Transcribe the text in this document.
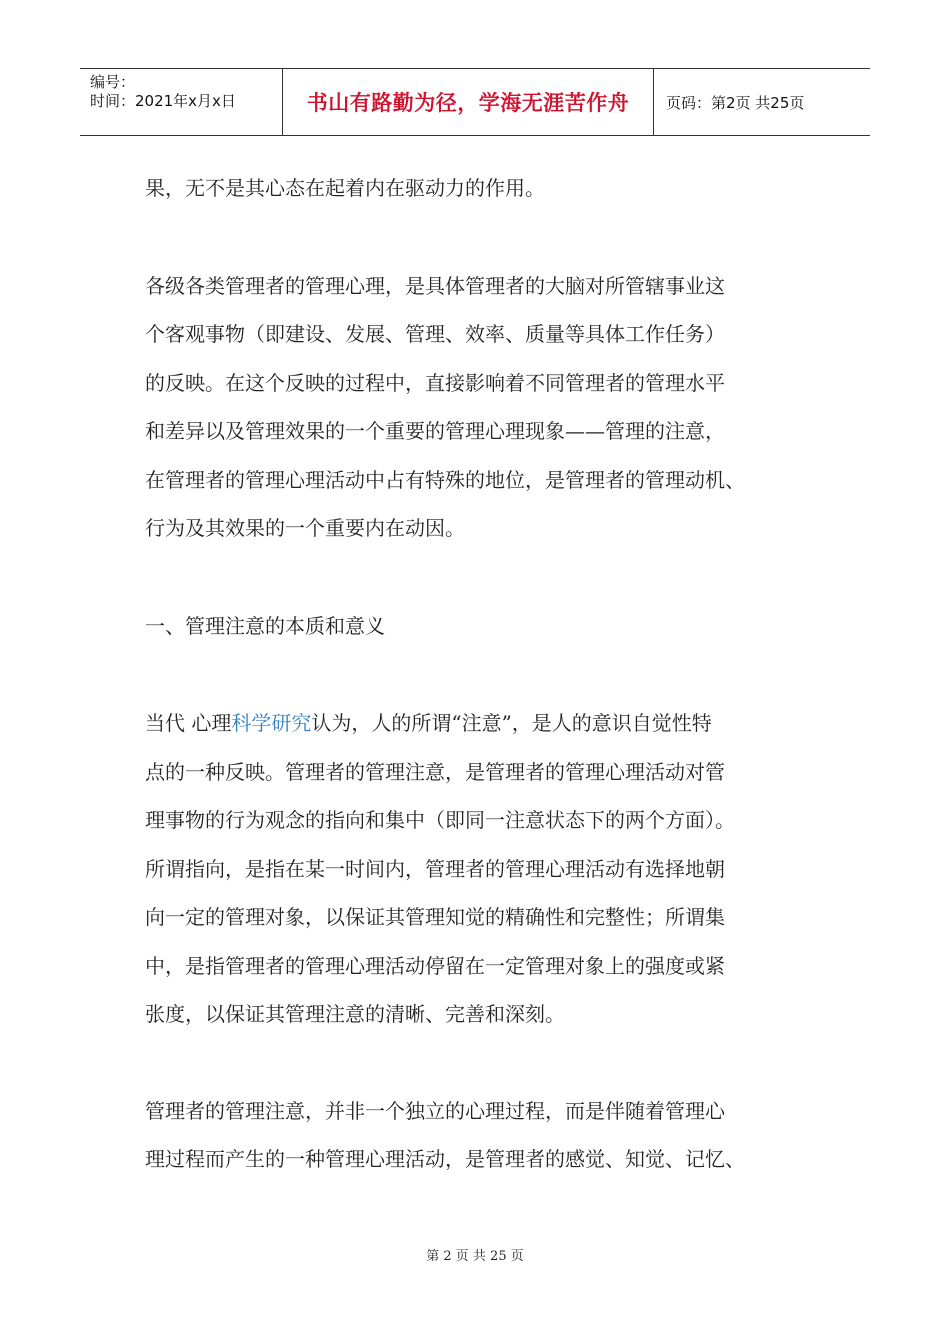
编号：
时间：2021年x月x日	书山有路勤为径，学海无涯苦作舟 页码：第2页 共25页

果，无不是其心态在起着内在驱动力的作用。

各级各类管理者的管理心理，是具体管理者的大脑对所管辖事业这

个客观事物（即建设、发展、管理、效率、质量等具体工作任务）

的反映。在这个反映的过程中，直接影响着不同管理者的管理水平

和差异以及管理效果的一个重要的管理心理现象——管理的注意，

在管理者的管理心理活动中占有特殊的地位，是管理者的管理动机、

行为及其效果的一个重要内在动因。

一、管理注意的本质和意义

当代 心理科学研究认为，人的所谓“注意”，是人的意识自觉性特

点的一种反映。管理者的管理注意，是管理者的管理心理活动对管

理事物的行为观念的指向和集中（即同一注意状态下的两个方面）。

所谓指向，是指在某一时间内，管理者的管理心理活动有选择地朝

向一定的管理对象，以保证其管理知觉的精确性和完整性；所谓集

中，是指管理者的管理心理活动停留在一定管理对象上的强度或紧

张度，以保证其管理注意的清晰、完善和深刻。

管理者的管理注意，并非一个独立的心理过程，而是伴随着管理心

理过程而产生的一种管理心理活动，是管理者的感觉、知觉、记忆、

第 2 页 共 25 页
